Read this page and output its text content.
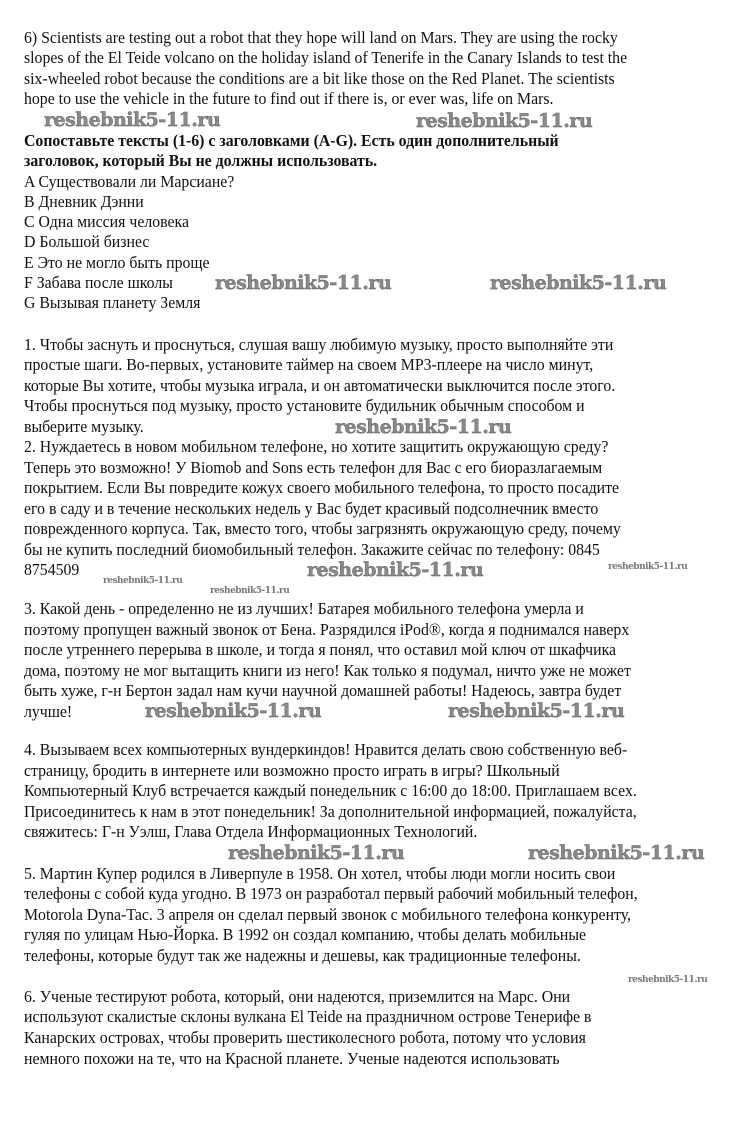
6) Scientists are testing out a robot that they hope will land on Mars. They are using the rocky
slopes of the El Teide volcano on the holiday island of Tenerife in the Canary Islands to test the
six-wheeled robot because the conditions are a bit like those on the Red Planet. The scientists
hope to use the vehicle in the future to find out if there is, or ever was, life on Mars.
Сопоставьте тексты (1-6) с заголовками (A-G). Есть один дополнительный
заголовок, который Вы не должны использовать.
A Существовали ли Марсиане?
B Дневник Дэнни
C Одна миссия человека
D Большой бизнес
E Это не могло быть проще
F Забава после школы
G Вызывая планету Земля
1. Чтобы заснуть и проснуться, слушая вашу любимую музыку, просто выполняйте эти
простые шаги. Во-первых, установите таймер на своем MP3-плеере на число минут,
которые Вы хотите, чтобы музыка играла, и он автоматически выключится после этого.
Чтобы проснуться под музыку, просто установите будильник обычным способом и
выберите музыку.
2. Нуждаетесь в новом мобильном телефоне, но хотите защитить окружающую среду?
Теперь это возможно! У Biomob and Sons есть телефон для Вас с его биоразлагаемым
покрытием. Если Вы повредите кожух своего мобильного телефона, то просто посадите
его в саду и в течение нескольких недель у Вас будет красивый подсолнечник вместо
поврежденного корпуса. Так, вместо того, чтобы загрязнять окружающую среду, почему
бы не купить последний биомобильный телефон. Закажите сейчас по телефону: 0845
8754509
3. Какой день - определенно не из лучших! Батарея мобильного телефона умерла и
поэтому пропущен важный звонок от Бена. Разрядился iPod®, когда я поднимался наверх
после утреннего перерыва в школе, и тогда я понял, что оставил мой ключ от шкафчика
дома, поэтому не мог вытащить книги из него! Как только я подумал, ничто уже не может
быть хуже, г-н Бертон задал нам кучи научной домашней работы! Надеюсь, завтра будет
лучше!
4. Вызываем всех компьютерных вундеркиндов! Нравится делать свою собственную веб-
страницу, бродить в интернете или возможно просто играть в игры? Школьный
Компьютерный Клуб встречается каждый понедельник с 16:00 до 18:00. Приглашаем всех.
Присоединитесь к нам в этот понедельник! За дополнительной информацией, пожалуйста,
свяжитесь: Г-н Уэлш, Глава Отдела Информационных Технологий.
5. Мартин Купер родился в Ливерпуле в 1958. Он хотел, чтобы люди могли носить свои
телефоны с собой куда угодно. В 1973 он разработал первый рабочий мобильный телефон,
Motorola Dyna-Tac. 3 апреля он сделал первый звонок с мобильного телефона конкуренту,
гуляя по улицам Нью-Йорка. В 1992 он создал компанию, чтобы делать мобильные
телефоны, которые будут так же надежны и дешевы, как традиционные телефоны.
6. Ученые тестируют робота, который, они надеются, приземлится на Марс. Они
используют скалистые склоны вулкана El Teide на праздничном острове Тенерифе в
Канарских островах, чтобы проверить шестиколесного робота, потому что условия
немного похожи на те, что на Красной планете. Ученые надеются использовать
reshebnik5-11.ru	reshebnik5-11.ru
reshebnik5-11.ru	reshebnik5-11.ru
reshebnik5-11.ru
reshebnik5-11.ru
reshebnik5-11.ru	reshebnik5-11.ru
reshebnik5-11.ru
reshebnik5-11.ru	reshebnik5-11.ru
reshebnik5-11.ru	reshebnik5-11.ru
reshebnik5-11.ru
